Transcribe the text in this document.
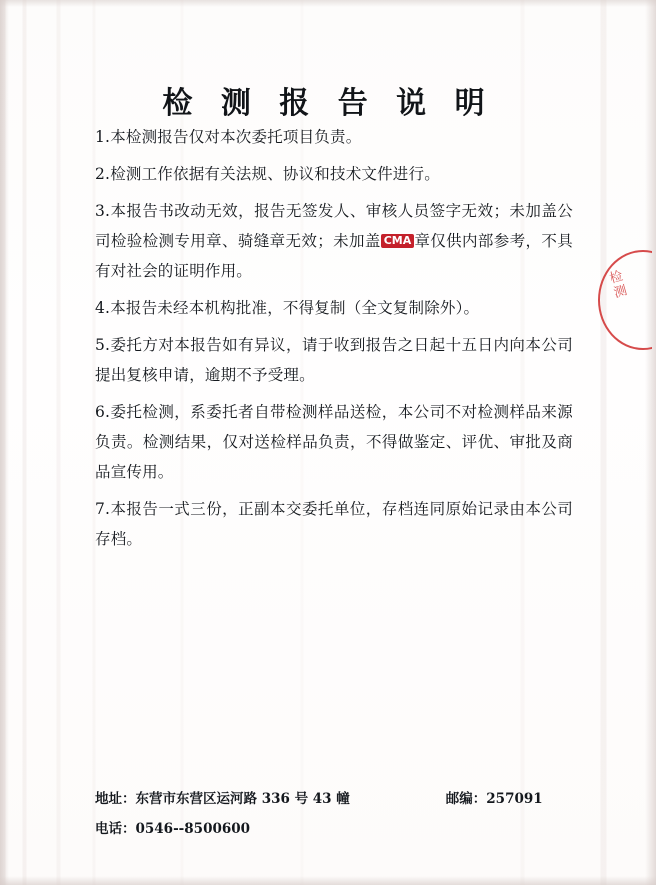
检 测 报 告 说 明
1.本检测报告仅对本次委托项目负责。
2.检测工作依据有关法规、协议和技术文件进行。
3.本报告书改动无效，报告无签发人、审核人员签字无效；未加盖公司检验检测专用章、骑缝章无效；未加盖 CMA 章仅供内部参考，不具有对社会的证明作用。
4.本报告未经本机构批准，不得复制（全文复制除外）。
5.委托方对本报告如有异议，请于收到报告之日起十五日内向本公司提出复核申请，逾期不予受理。
6.委托检测，系委托者自带检测样品送检，本公司不对检测样品来源负责。检测结果，仅对送检样品负责，不得做鉴定、评优、审批及商品宣传用。
7.本报告一式三份，正副本交委托单位，存档连同原始记录由本公司存档。
检
测
地址： 东营市东营区运河路 336 号 43 幢	邮编： 257091
电话： 0546--8500600
